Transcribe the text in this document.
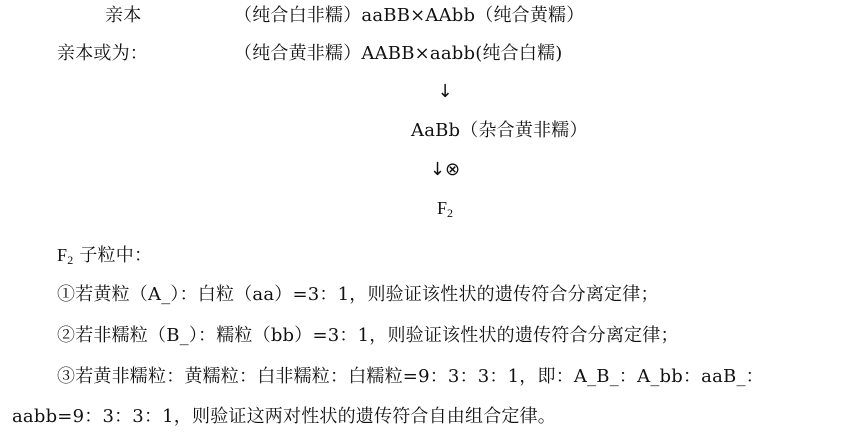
亲本	（纯合白非糯）aaBB×AAbb（纯合黄糯）
亲本或为：	（纯合黄非糯）AABB×aabb(纯合白糯)
↓
AaBb（杂合黄非糯）
↓⊗
$F_2$
$F_2$ 子粒中：
①若黄粒（A_）：白粒（aa）=3：1，则验证该性状的遗传符合分离定律；
②若非糯粒（B_）：糯粒（bb）=3：1，则验证该性状的遗传符合分离定律；
③若黄非糯粒：黄糯粒：白非糯粒：白糯粒=9：3：3：1，即：A_B_：A_bb：aaB_：
aabb=9：3：3：1，则验证这两对性状的遗传符合自由组合定律。
